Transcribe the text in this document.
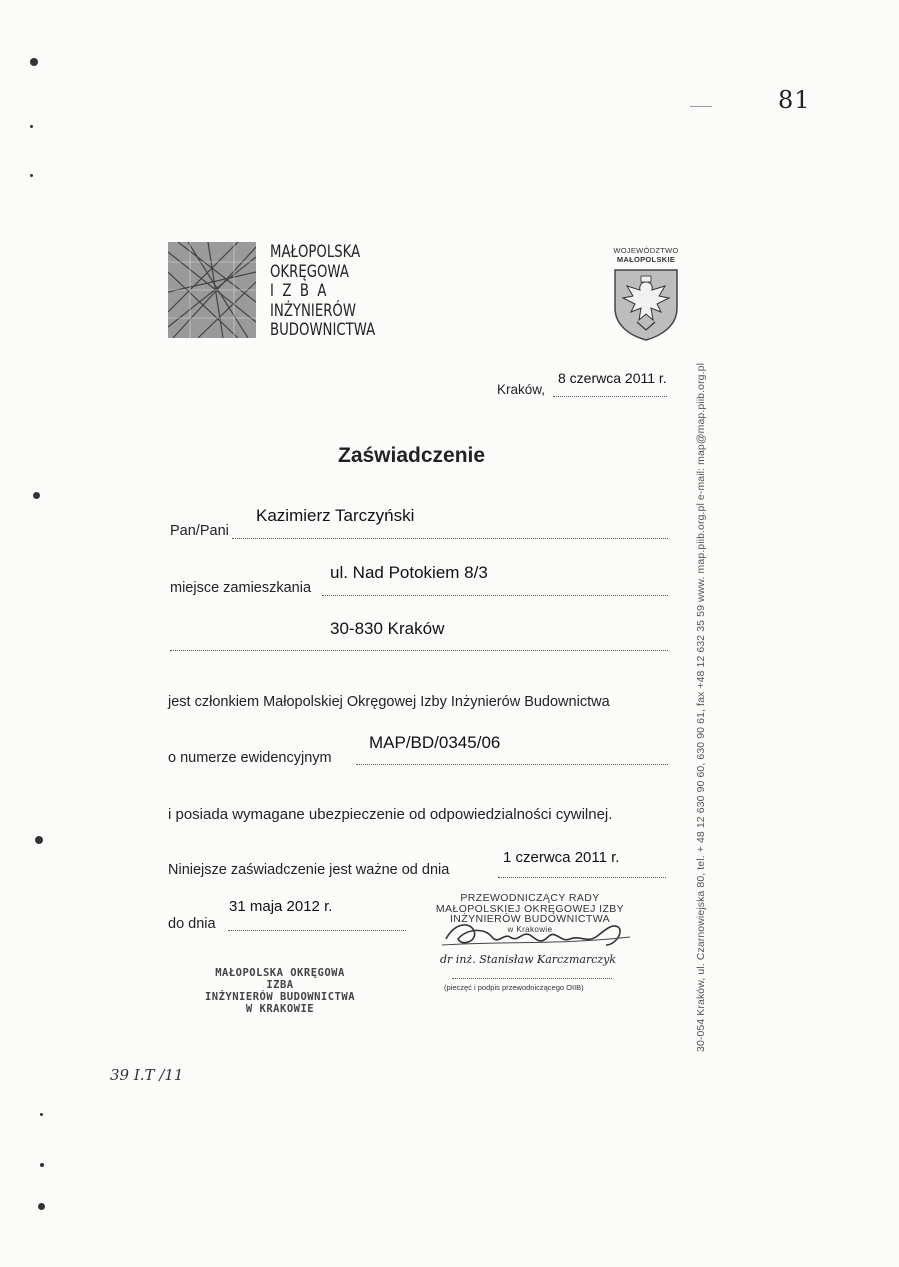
81
MAŁOPOLSKA
OKRĘGOWA
I  Z  B  A
INŻYNIERÓW
BUDOWNICTWA
WOJEWÓDZTWO
MAŁOPOLSKIE
30-054 Kraków, ul. Czarnowiejska 80, tel. + 48 12 630 90 60, 630 90 61, fax +48 12 632 35 59 www. map.piib.org.pl e-mail: map@map.piib.org.pl
8 czerwca 2011 r.
Kraków,
Zaświadczenie
Kazimierz Tarczyński
Pan/Pani
ul. Nad Potokiem 8/3
miejsce zamieszkania
30-830 Kraków
jest członkiem Małopolskiej Okręgowej Izby Inżynierów Budownictwa
MAP/BD/0345/06
o numerze ewidencyjnym
i posiada wymagane ubezpieczenie od odpowiedzialności cywilnej.
1 czerwca 2011 r.
Niniejsze zaświadczenie jest ważne od dnia
31 maja 2012 r.
do dnia
PRZEWODNICZĄCY RADY
MAŁOPOLSKIEJ OKRĘGOWEJ IZBY
INŻYNIERÓW BUDOWNICTWA
w Krakowie
dr inż. Stanisław Karczmarczyk
(pieczęć i podpis przewodniczącego OIIB)
MAŁOPOLSKA OKRĘGOWA IZBA
INŻYNIERÓW BUDOWNICTWA
W KRAKOWIE
39 I.T /11
